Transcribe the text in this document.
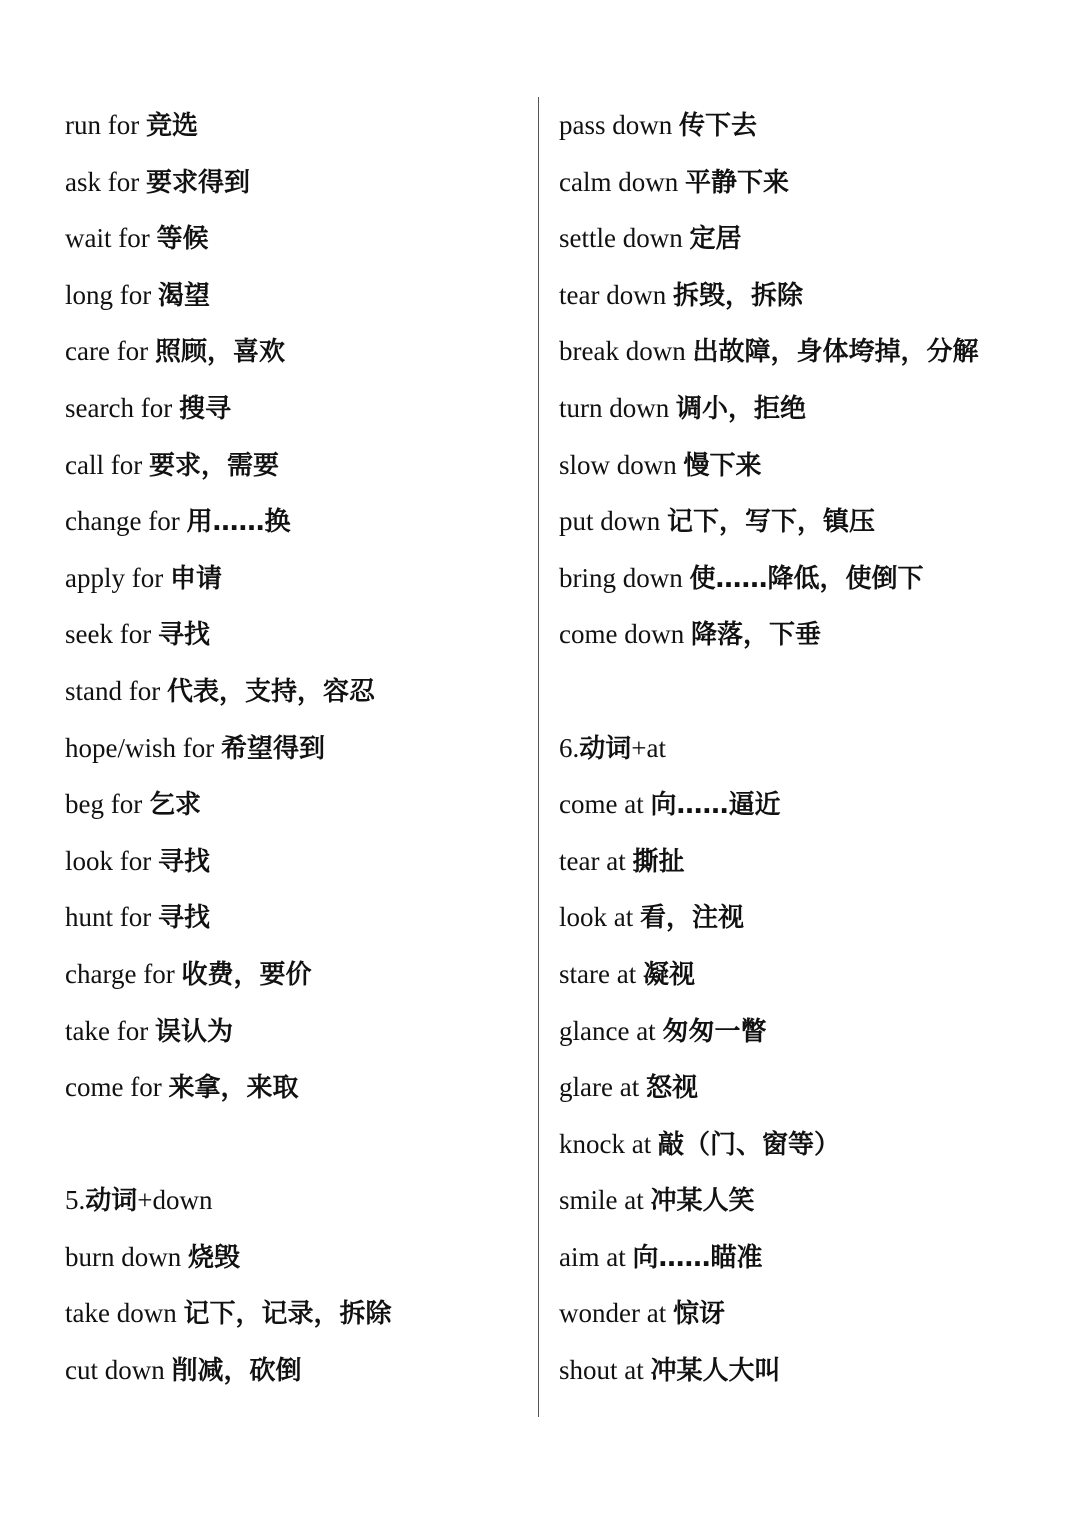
run for 竞选
ask for 要求得到
wait for 等候
long for 渴望
care for 照顾，喜欢
search for 搜寻
call for 要求，需要
change for 用……换
apply for 申请
seek for 寻找
stand for 代表，支持，容忍
hope/wish for 希望得到
beg for 乞求
look for 寻找
hunt for 寻找
charge for 收费，要价
take for 误认为
come for 来拿，来取
5.动词+down
burn down 烧毁
take down 记下，记录，拆除
cut down 削减，砍倒
pass down 传下去
calm down 平静下来
settle down 定居
tear down 拆毁，拆除
break down 出故障，身体垮掉，分解
turn down 调小，拒绝
slow down 慢下来
put down 记下，写下，镇压
bring down 使……降低，使倒下
come down 降落，下垂
6.动词+at
come at 向……逼近
tear at 撕扯
look at 看，注视
stare at 凝视
glance at 匆匆一瞥
glare at 怒视
knock at 敲（门、窗等）
smile at 冲某人笑
aim at 向……瞄准
wonder at 惊讶
shout at 冲某人大叫
